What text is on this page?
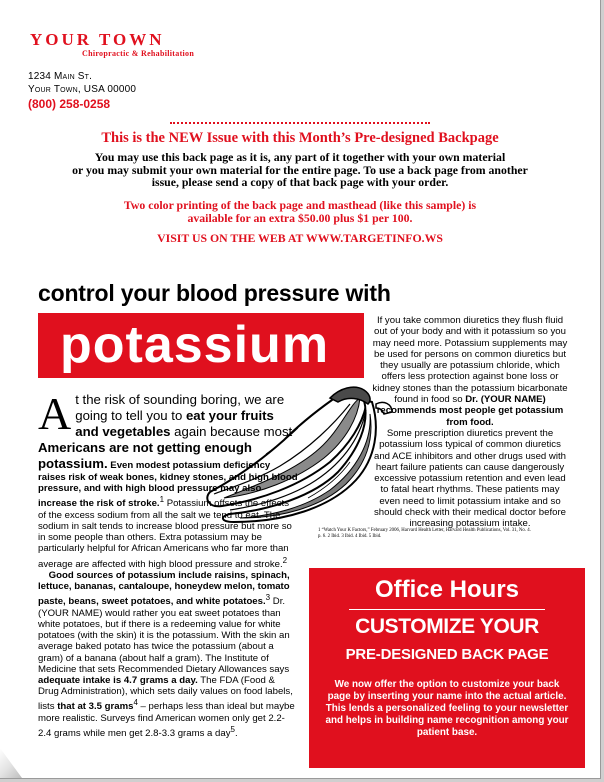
YOUR TOWN
Chiropractic & Rehabilitation
1234 Main St.
Your Town, USA 00000
(800) 258-0258
This is the NEW Issue with this Month’s Pre-designed Backpage
You may use this back page as it is, any part of it together with your own material
or you may submit your own material for the entire page. To use a back page from another
issue, please send a copy of that back page with your order.
Two color printing of the back page and masthead (like this sample) is
available for an extra $50.00 plus $1 per 100.
VISIT US ON THE WEB AT WWW.TARGETINFO.WS
control your blood pressure with
potassium	If you take common diuretics they flush fluid out of your body and with it potassium so you may need more. Potassium supplements may be used for persons on common diuretics but they usually are potassium chloride, which offers less protection against bone loss or kidney stones than the potassium bicarbonate found in food so Dr. (YOUR NAME) recommends most people get potassium from food.

Some prescription diuretics prevent the potassium loss typical of common diuretics and ACE inhibitors and other drugs used with heart failure patients can cause dangerously excessive potassium retention and even lead to fatal heart rhythms. These patients may even need to limit potassium intake and so should check with their medical doctor before increasing potassium intake.

1 “Watch Your K Factors,” February 2006, Harvard Health Letter, Harvard Health Publications, Vol. 31, No. 4.
p. 6. 2 Ibid. 3 Ibid. 4 Ibid. 5 Ibid.

At the risk of sounding boring, we are going to tell you to eat your fruits and vegetables again because most Americans are not getting enough potassium. Even modest potassium deficiency raises risk of weak bones, kidney stones, and high blood pressure, and with high blood pressure may also increase the risk of stroke.$^1$ Potassium offsets the effects of the excess sodium from all the salt we tend to eat. The sodium in salt tends to increase blood pressure but more so in some people than others. Extra potassium may be particularly helpful for African Americans who far more than average are affected with high blood pressure and stroke.$^2$

Good sources of potassium include raisins, spinach, lettuce, bananas, cantaloupe, honeydew melon, tomato paste, beans, sweet potatoes, and white potatoes.$^3$ Dr. (YOUR NAME) would rather you eat sweet potatoes than white potatoes, but if there is a redeeming value for white potatoes (with the skin) it is the potassium. With the skin an average baked potato has twice the potassium (about a gram) of a banana (about half a gram). The Institute of Medicine that sets Recommended Dietary Allowances says adequate intake is 4.7 grams a day. The FDA (Food & Drug Administration), which sets daily values on food labels, lists that at 3.5 grams$^4$ – perhaps less than ideal but maybe more realistic. Surveys find American women only get 2.2-2.4 grams while men get 2.8-3.3 grams a day$^5$.

Office Hours
CUSTOMIZE YOUR
PRE-DESIGNED BACK PAGE
We now offer the option to customize your back page by inserting your name into the actual article. This lends a personalized feeling to your newsletter and helps in building name recognition among your patient base.
